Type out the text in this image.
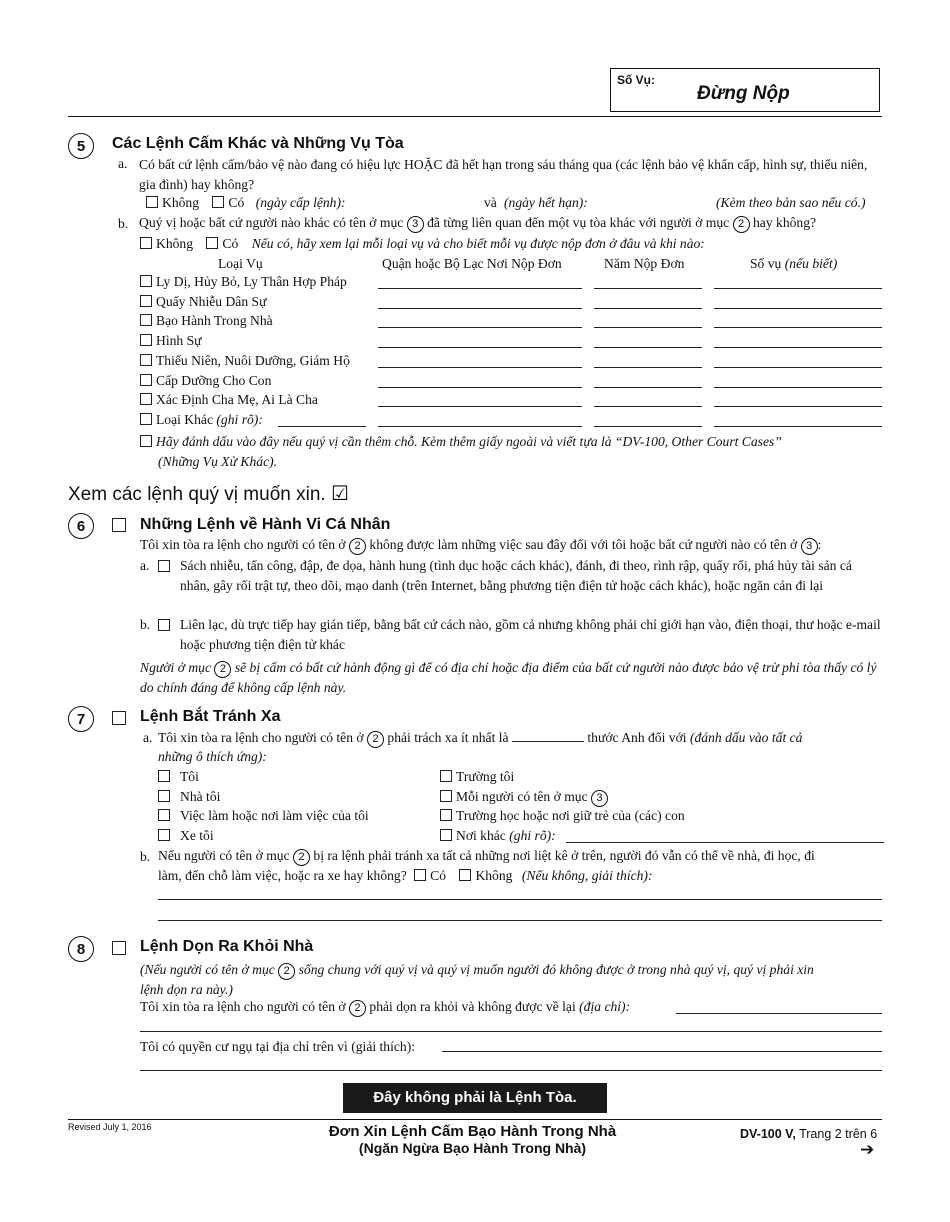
Số Vụ:
Đừng Nộp
5	Các Lệnh Cấm Khác và Những Vụ Tòa
a. Có bất cứ lệnh cấm/bảo vệ nào đang có hiệu lực HOẶC đã hết hạn trong sáu tháng qua (các lệnh bảo vệ khẩn cấp, hình sự, thiếu niên, gia đình) hay không?
Không Có (ngày cấp lệnh):	và (ngày hết hạn):	(Kèm theo bản sao nếu có.)
b. Quý vị hoặc bất cứ người nào khác có tên ở mục 3 đã từng liên quan đến một vụ tòa khác với người ở mục 2 hay không?
Không Có Nếu có, hãy xem lại mỗi loại vụ và cho biết mỗi vụ được nộp đơn ở đâu và khi nào:
Loại Vụ	Quận hoặc Bộ Lạc Nơi Nộp Đơn	Năm Nộp Đơn	Số vụ (nếu biết)
Ly Dị, Hủy Bỏ, Ly Thân Hợp Pháp
Quấy Nhiễu Dân Sự
Bạo Hành Trong Nhà
Hình Sự
Thiếu Niên, Nuôi Dưỡng, Giám Hộ
Cấp Dưỡng Cho Con
Xác Định Cha Mẹ, Ai Là Cha
Loại Khác (ghi rõ):
Hãy đánh dấu vào đây nếu quý vị cần thêm chỗ. Kèm thêm giấy ngoài và viết tựa là “DV-100, Other Court Cases”
(Những Vụ Xử Khác).
Xem các lệnh quý vị muốn xin. ☑
6	Những Lệnh về Hành Vi Cá Nhân
Tôi xin tòa ra lệnh cho người có tên ở 2 không được làm những việc sau đây đối với tôi hoặc bất cứ người nào có tên ở 3 :
a. Sách nhiễu, tấn công, đập, đe dọa, hành hung (tình dục hoặc cách khác), đánh, đi theo, rình rập, quấy rối, phá hủy tài sản cá nhân, gây rối trật tự, theo dõi, mạo danh (trên Internet, bằng phương tiện điện tử hoặc cách khác), hoặc ngăn cản đi lại
b. Liên lạc, dù trực tiếp hay gián tiếp, bằng bất cứ cách nào, gồm cả nhưng không phải chỉ giới hạn vào, điện thoại, thư hoặc e-mail hoặc phương tiện điện tử khác
Người ở mục 2 sẽ bị cấm có bất cứ hành động gì để có địa chỉ hoặc địa điểm của bất cứ người nào được bảo vệ trừ phi tòa thấy có lý do chính đáng để không cấp lệnh này.
7	Lệnh Bắt Tránh Xa
a. Tôi xin tòa ra lệnh cho người có tên ở 2 phải trách xa ít nhất là	thước Anh đối với (đánh dấu vào tất cả
những ô thích ứng):
Tôi
Nhà tôi
Việc làm hoặc nơi làm việc của tôi
Xe tôi
Trường tôi
Mỗi người có tên ở mục 3
Trường học hoặc nơi giữ trẻ của (các) con
Nơi khác (ghi rõ):
b. Nếu người có tên ở mục 2 bị ra lệnh phải tránh xa tất cả những nơi liệt kê ở trên, người đó vẫn có thể về nhà, đi học, đi
làm, đến chỗ làm việc, hoặc ra xe hay không? Có Không (Nếu không, giải thích):
8	Lệnh Dọn Ra Khỏi Nhà
(Nếu người có tên ở mục 2 sống chung với quý vị và quý vị muốn người đó không được ở trong nhà quý vị, quý vị phải xin
lệnh dọn ra này.)
Tôi xin tòa ra lệnh cho người có tên ở 2 phải dọn ra khỏi và không được về lại (địa chỉ):
Tôi có quyền cư ngụ tại địa chỉ trên vì (giải thích):
Đây không phải là Lệnh Tòa.
Revised July 1, 2016	Đơn Xin Lệnh Cấm Bạo Hành Trong Nhà
(Ngăn Ngừa Bạo Hành Trong Nhà)
DV-100 V, Trang 2 trên 6
➔
